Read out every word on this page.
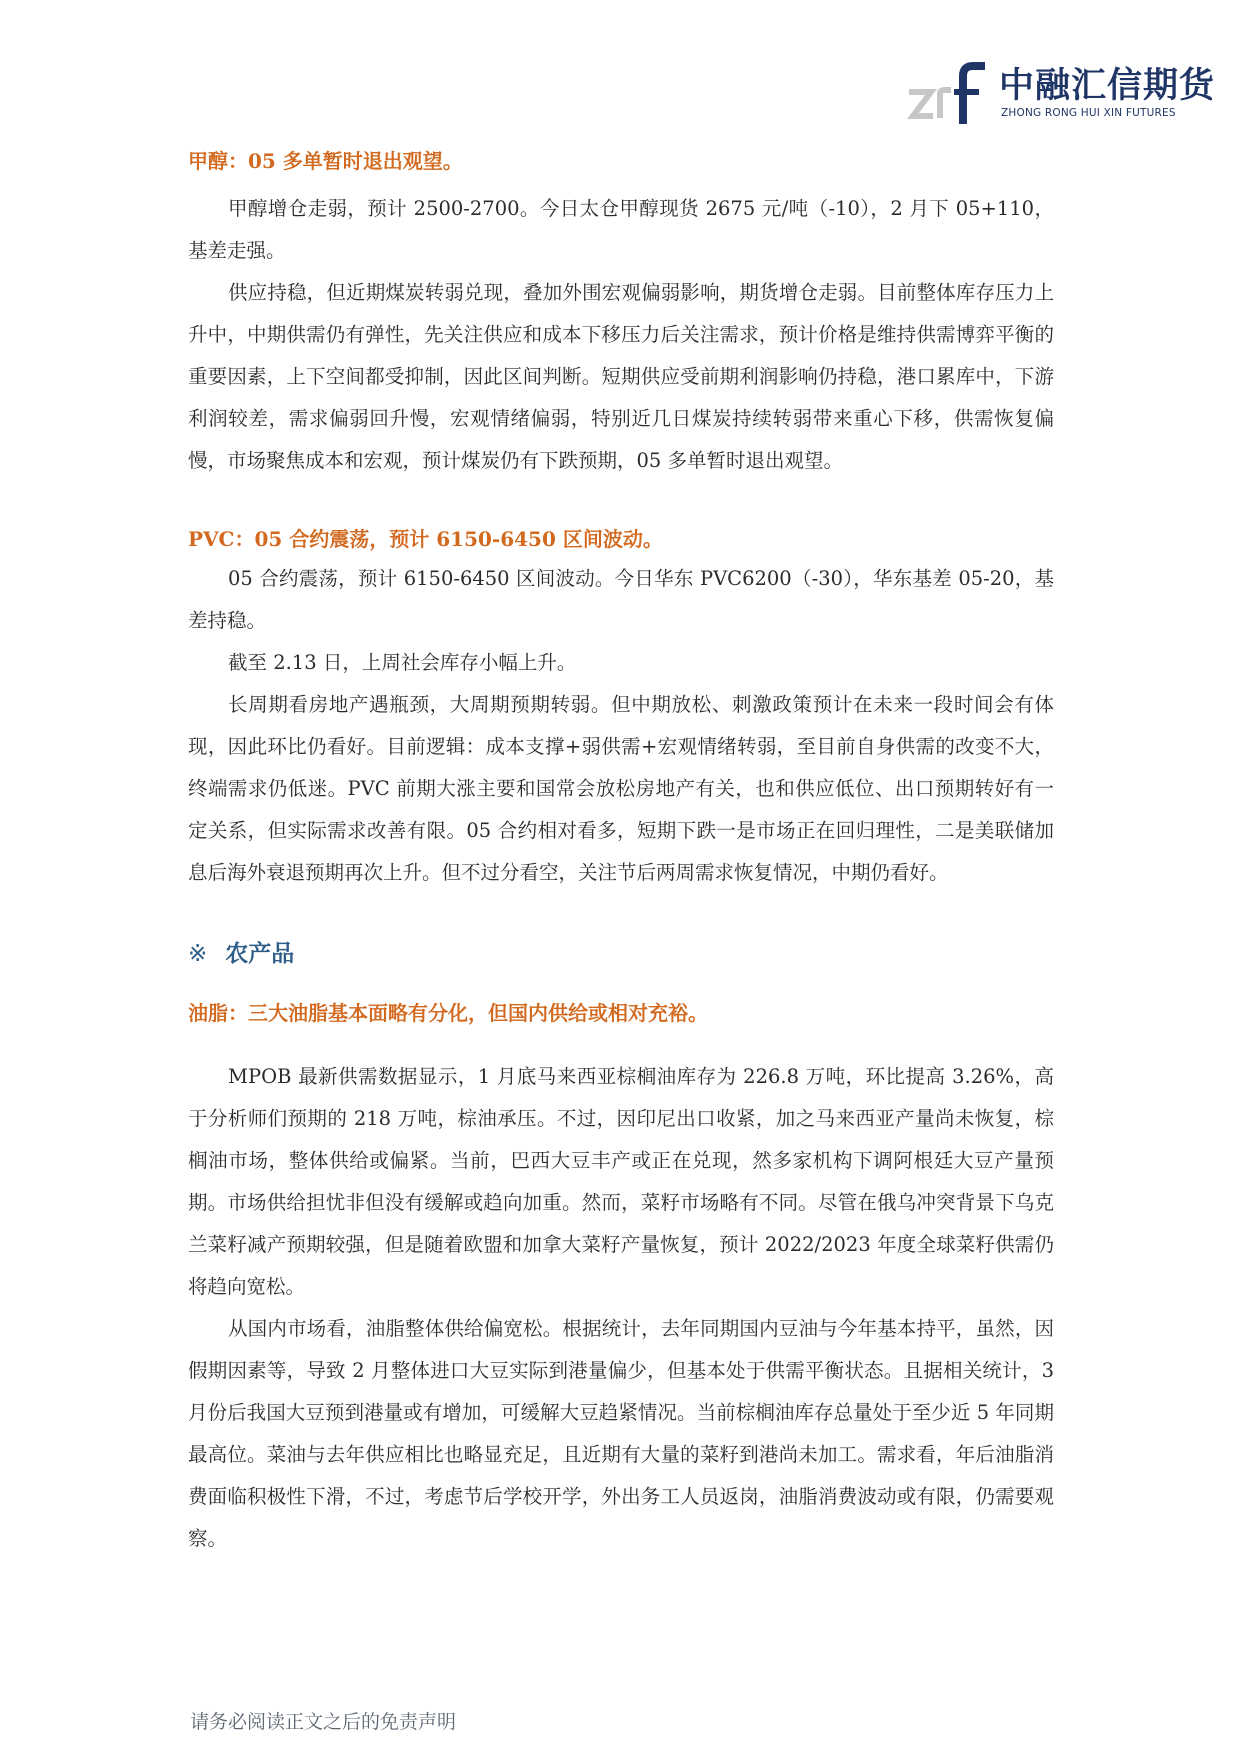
中融汇信期货
ZHONG RONG HUI XIN FUTURES

甲醇：05 多单暂时退出观望。

甲醇增仓走弱，预计 2500-2700。今日太仓甲醇现货 2675 元/吨（-10），2 月下 05+110，基差走强。

供应持稳，但近期煤炭转弱兑现，叠加外围宏观偏弱影响，期货增仓走弱。目前整体库存压力上升中，中期供需仍有弹性，先关注供应和成本下移压力后关注需求，预计价格是维持供需博弈平衡的重要因素，上下空间都受抑制，因此区间判断。短期供应受前期利润影响仍持稳，港口累库中，下游利润较差，需求偏弱回升慢，宏观情绪偏弱，特别近几日煤炭持续转弱带来重心下移，供需恢复偏慢，市场聚焦成本和宏观，预计煤炭仍有下跌预期，05 多单暂时退出观望。

PVC：05 合约震荡，预计 6150-6450 区间波动。

05 合约震荡，预计 6150-6450 区间波动。今日华东 PVC6200（-30），华东基差 05-20，基差持稳。

截至 2.13 日，上周社会库存小幅上升。

长周期看房地产遇瓶颈，大周期预期转弱。但中期放松、刺激政策预计在未来一段时间会有体现，因此环比仍看好。目前逻辑：成本支撑+弱供需+宏观情绪转弱，至目前自身供需的改变不大，终端需求仍低迷。PVC 前期大涨主要和国常会放松房地产有关，也和供应低位、出口预期转好有一定关系，但实际需求改善有限。05 合约相对看多，短期下跌一是市场正在回归理性，二是美联储加息后海外衰退预期再次上升。但不过分看空，关注节后两周需求恢复情况，中期仍看好。

※ 农产品

油脂：三大油脂基本面略有分化，但国内供给或相对充裕。

MPOB 最新供需数据显示，1 月底马来西亚棕榈油库存为 226.8 万吨，环比提高 3.26%，高于分析师们预期的 218 万吨，棕油承压。不过，因印尼出口收紧，加之马来西亚产量尚未恢复，棕榈油市场，整体供给或偏紧。当前，巴西大豆丰产或正在兑现，然多家机构下调阿根廷大豆产量预期。市场供给担忧非但没有缓解或趋向加重。然而，菜籽市场略有不同。尽管在俄乌冲突背景下乌克兰菜籽减产预期较强，但是随着欧盟和加拿大菜籽产量恢复，预计 2022/2023 年度全球菜籽供需仍将趋向宽松。

从国内市场看，油脂整体供给偏宽松。根据统计，去年同期国内豆油与今年基本持平，虽然，因假期因素等，导致 2 月整体进口大豆实际到港量偏少，但基本处于供需平衡状态。且据相关统计，3 月份后我国大豆预到港量或有增加，可缓解大豆趋紧情况。当前棕榈油库存总量处于至少近 5 年同期最高位。菜油与去年供应相比也略显充足，且近期有大量的菜籽到港尚未加工。需求看，年后油脂消费面临积极性下滑，不过，考虑节后学校开学，外出务工人员返岗，油脂消费波动或有限，仍需要观察。

请务必阅读正文之后的免责声明
